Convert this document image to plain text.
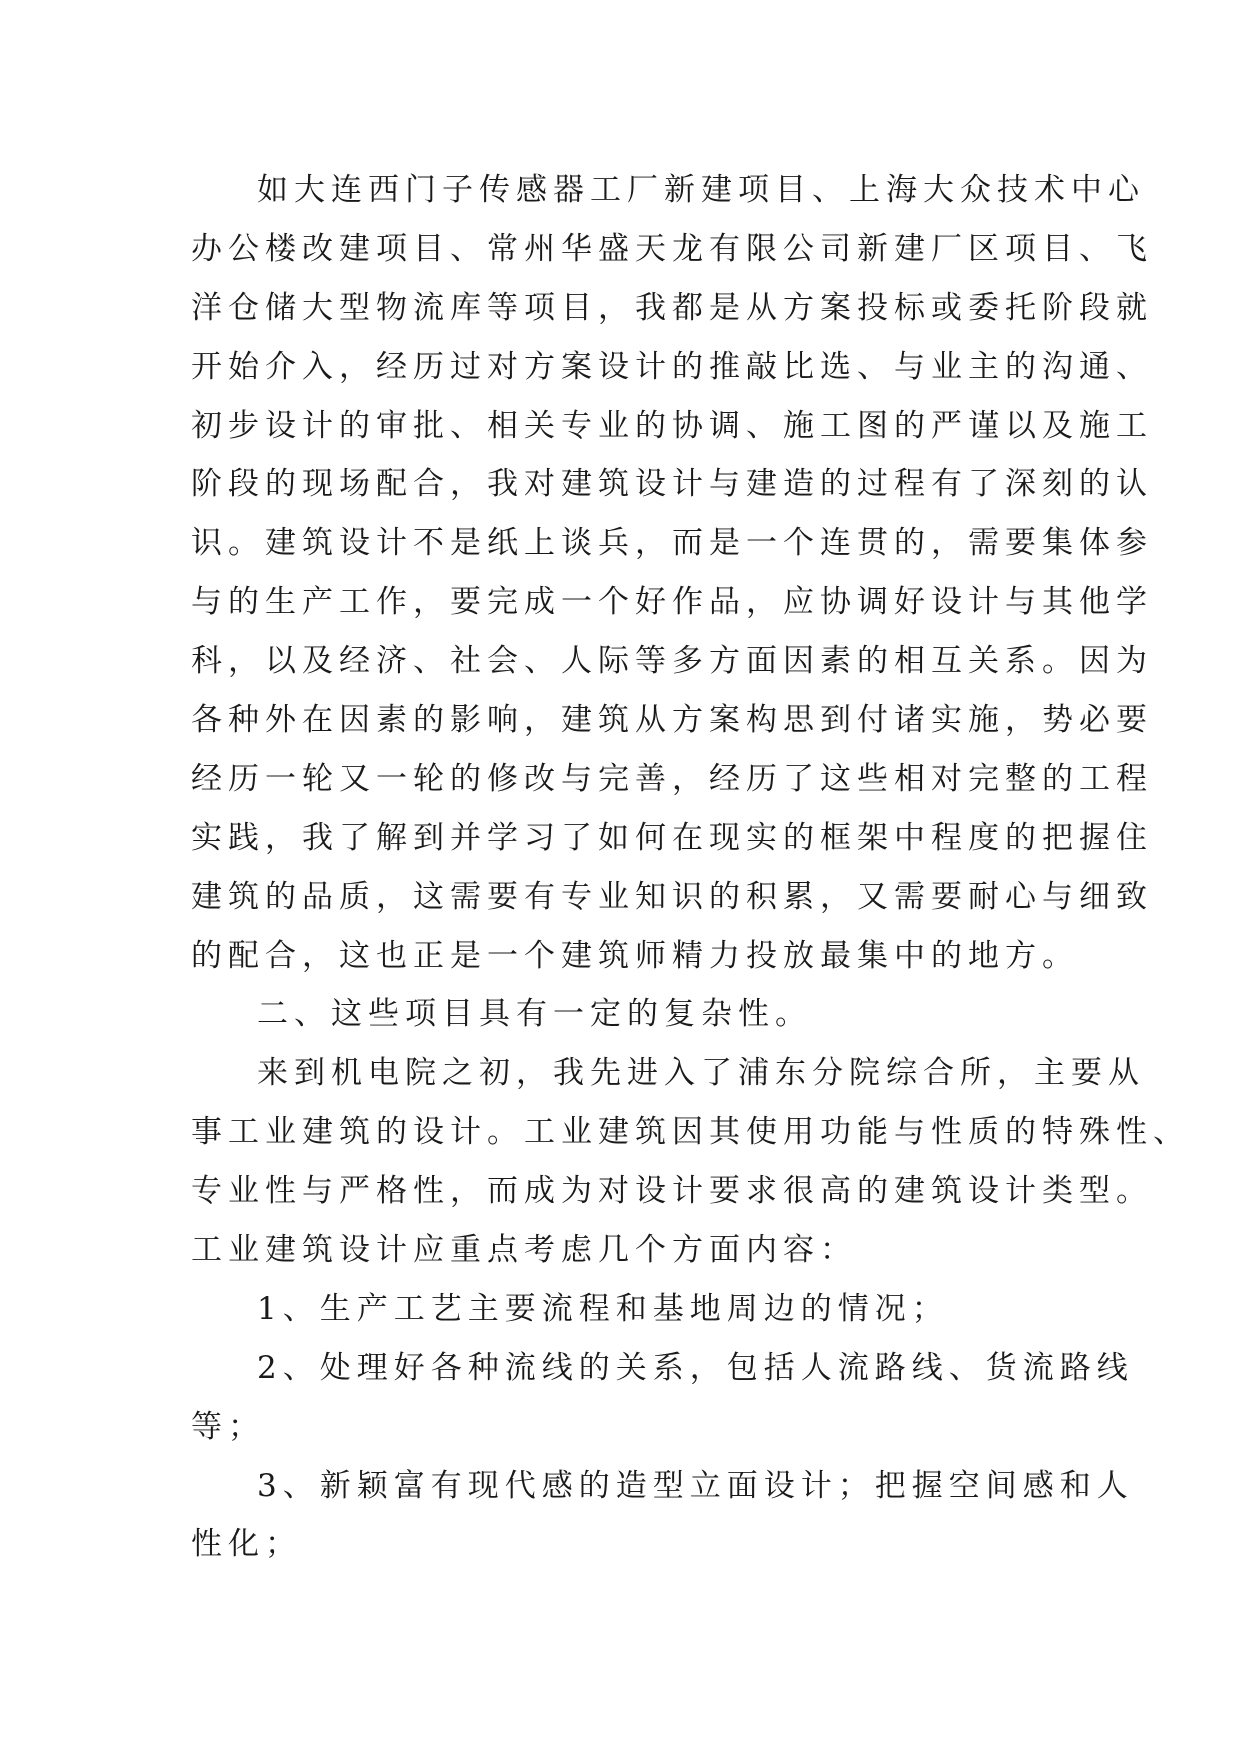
如大连西门子传感器工厂新建项目、上海大众技术中心
办公楼改建项目、常州华盛天龙有限公司新建厂区项目、飞
洋仓储大型物流库等项目，我都是从方案投标或委托阶段就
开始介入，经历过对方案设计的推敲比选、与业主的沟通、
初步设计的审批、相关专业的协调、施工图的严谨以及施工
阶段的现场配合，我对建筑设计与建造的过程有了深刻的认
识。建筑设计不是纸上谈兵，而是一个连贯的，需要集体参
与的生产工作，要完成一个好作品，应协调好设计与其他学
科，以及经济、社会、人际等多方面因素的相互关系。因为
各种外在因素的影响，建筑从方案构思到付诸实施，势必要
经历一轮又一轮的修改与完善，经历了这些相对完整的工程
实践，我了解到并学习了如何在现实的框架中程度的把握住
建筑的品质，这需要有专业知识的积累，又需要耐心与细致
的配合，这也正是一个建筑师精力投放最集中的地方。
二、这些项目具有一定的复杂性。
来到机电院之初，我先进入了浦东分院综合所，主要从
事工业建筑的设计。工业建筑因其使用功能与性质的特殊性、
专业性与严格性，而成为对设计要求很高的建筑设计类型。
工业建筑设计应重点考虑几个方面内容：
1、生产工艺主要流程和基地周边的情况；
2、处理好各种流线的关系，包括人流路线、货流路线
等；
3、新颖富有现代感的造型立面设计；把握空间感和人
性化；
